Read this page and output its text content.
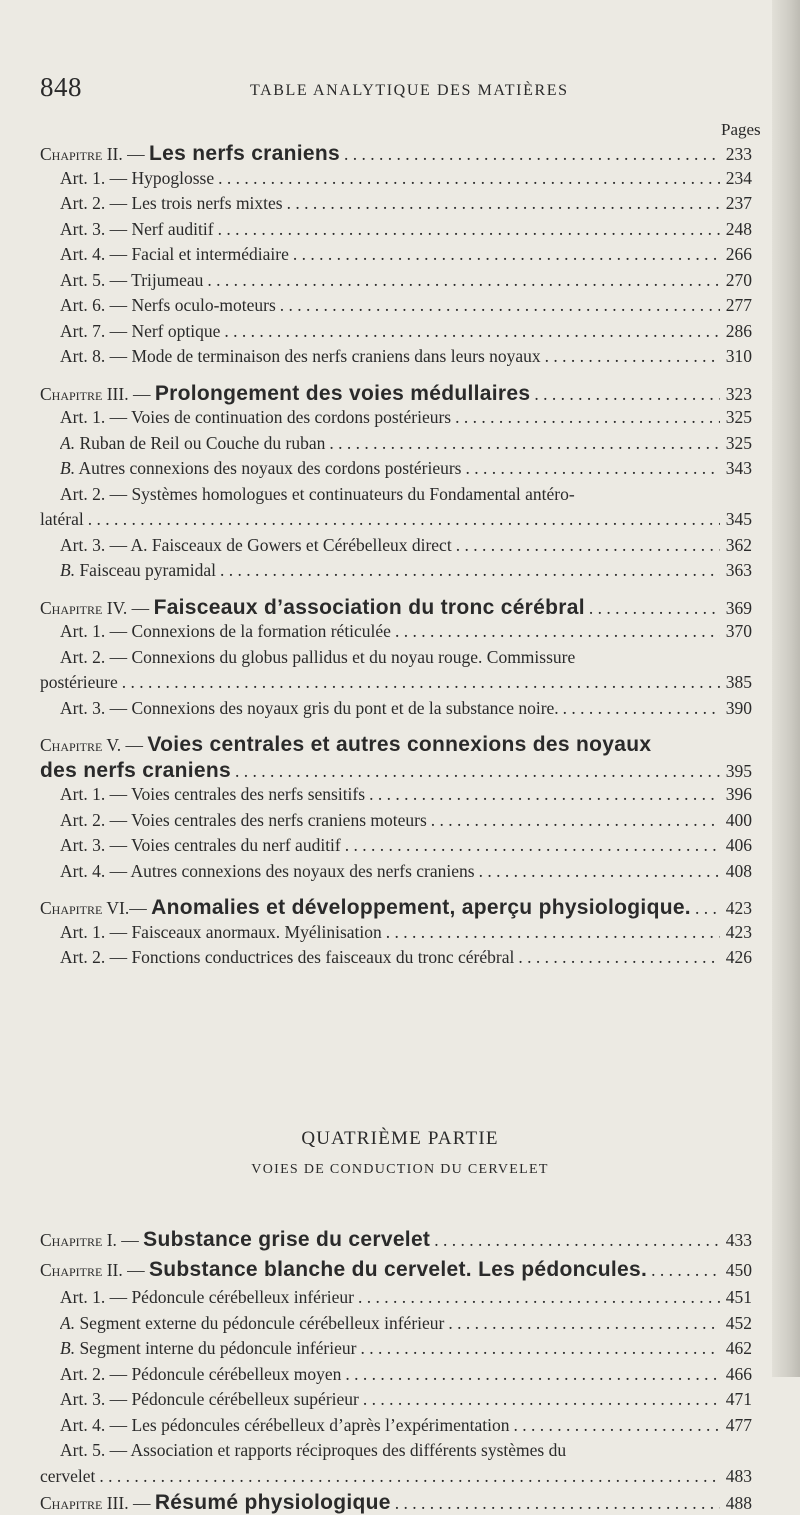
848	TABLE ANALYTIQUE DES MATIÈRES
Pages
Chapitre II. — Les nerfs craniens . . .	233
Art. 1. — Hypoglosse . . .	234
Art. 2. — Les trois nerfs mixtes . . .	237
Art. 3. — Nerf auditif . . .	248
Art. 4. — Facial et intermédiaire . . .	266
Art. 5. — Trijumeau . . .	270
Art. 6. — Nerfs oculo-moteurs . . .	277
Art. 7. — Nerf optique . . .	286
Art. 8. — Mode de terminaison des nerfs craniens dans leurs noyaux . . .	310
Chapitre III. — Prolongement des voies médullaires . . .	323
Art. 1. — Voies de continuation des cordons postérieurs . . .	325
A. Ruban de Reil ou Couche du ruban . . .	325
B. Autres connexions des noyaux des cordons postérieurs . . .	343
Art. 2. — Systèmes homologues et continuateurs du Fondamental antéro-
latéral . . .	345
Art. 3. — A. Faisceaux de Gowers et Cérébelleux direct . . .	362
B. Faisceau pyramidal . . .	363
Chapitre IV. — Faisceaux d’association du tronc cérébral . . .	369
Art. 1. — Connexions de la formation réticulée . . .	370
Art. 2. — Connexions du globus pallidus et du noyau rouge. Commissure
postérieure . . .	385
Art. 3. — Connexions des noyaux gris du pont et de la substance noire. . . .	390
Chapitre V. — Voies centrales et autres connexions des noyaux
des nerfs craniens . . .	395
Art. 1. — Voies centrales des nerfs sensitifs . . .	396
Art. 2. — Voies centrales des nerfs craniens moteurs . . .	400
Art. 3. — Voies centrales du nerf auditif . . .	406
Art. 4. — Autres connexions des noyaux des nerfs craniens . . .	408
Chapitre VI.— Anomalies et développement, aperçu physiologique. . . .	423
Art. 1. — Faisceaux anormaux. Myélinisation . . .	423
Art. 2. — Fonctions conductrices des faisceaux du tronc cérébral . . .	426
Chapitre I. — Substance grise du cervelet . . .	433
Chapitre II. — Substance blanche du cervelet. Les pédoncules. . . .	450
Art. 1. — Pédoncule cérébelleux inférieur . . .	451
A. Segment externe du pédoncule cérébelleux inférieur . . .	452
B. Segment interne du pédoncule inférieur . . .	462
Art. 2. — Pédoncule cérébelleux moyen . . .	466
Art. 3. — Pédoncule cérébelleux supérieur . . .	471
Art. 4. — Les pédoncules cérébelleux d’après l’expérimentation . . .	477
Art. 5. — Association et rapports réciproques des différents systèmes du
cervelet . . .	483
Chapitre III. — Résumé physiologique . . .	488
QUATRIÈME PARTIE
VOIES DE CONDUCTION DU CERVELET
